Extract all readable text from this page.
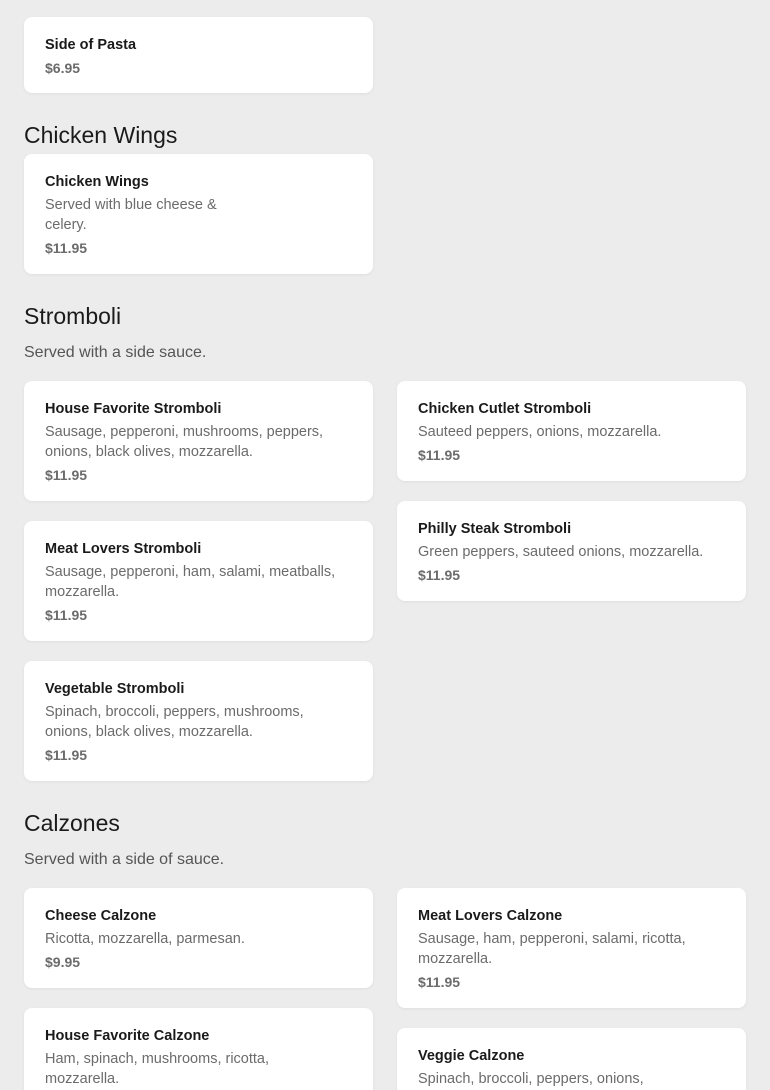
Side of Pasta
$6.95
Chicken Wings
Chicken Wings
Served with blue cheese & celery.
$11.95
Stromboli
Served with a side sauce.
House Favorite Stromboli
Sausage, pepperoni, mushrooms, peppers, onions, black olives, mozzarella.
$11.95
Chicken Cutlet Stromboli
Sauteed peppers, onions, mozzarella.
$11.95
Meat Lovers Stromboli
Sausage, pepperoni, ham, salami, meatballs, mozzarella.
$11.95
Philly Steak Stromboli
Green peppers, sauteed onions, mozzarella.
$11.95
Vegetable Stromboli
Spinach, broccoli, peppers, mushrooms, onions, black olives, mozzarella.
$11.95
Calzones
Served with a side of sauce.
Cheese Calzone
Ricotta, mozzarella, parmesan.
$9.95
Meat Lovers Calzone
Sausage, ham, pepperoni, salami, ricotta, mozzarella.
$11.95
House Favorite Calzone
Ham, spinach, mushrooms, ricotta, mozzarella.
Veggie Calzone
Spinach, broccoli, peppers, onions,
